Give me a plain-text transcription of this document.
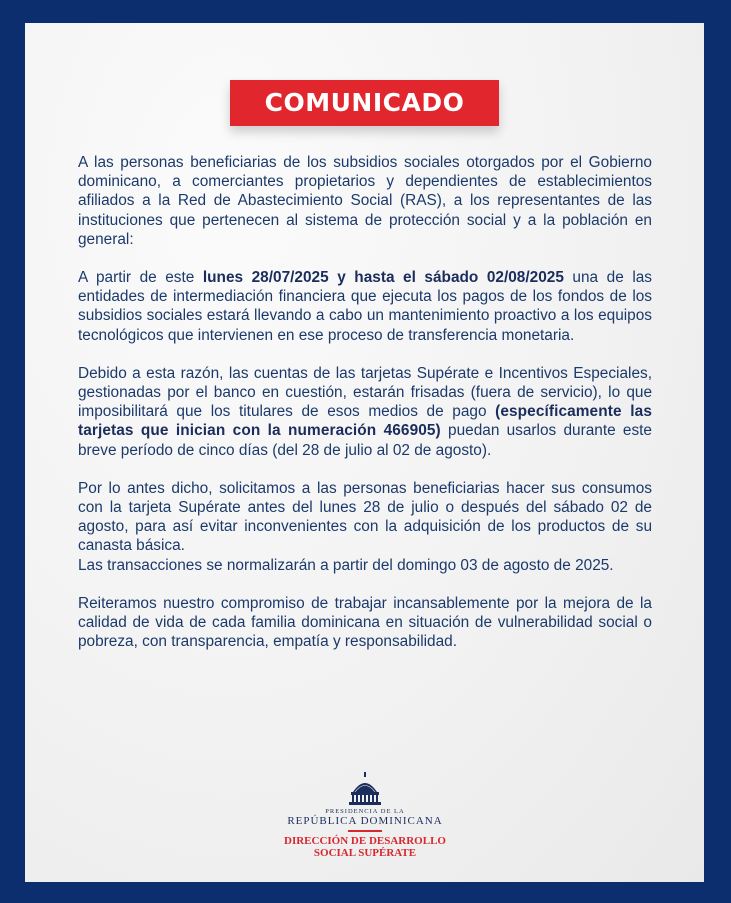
COMUNICADO

A las personas beneficiarias de los subsidios sociales otorgados por el Gobierno dominicano, a comerciantes propietarios y dependientes de establecimientos afiliados a la Red de Abastecimiento Social (RAS), a los representantes de las instituciones que pertenecen al sistema de protección social y a la población en general:

A partir de este lunes 28/07/2025 y hasta el sábado 02/08/2025 una de las entidades de intermediación financiera que ejecuta los pagos de los fondos de los subsidios sociales estará llevando a cabo un mantenimiento proactivo a los equipos tecnológicos que intervienen en ese proceso de transferencia monetaria.

Debido a esta razón, las cuentas de las tarjetas Supérate e Incentivos Especiales, gestionadas por el banco en cuestión, estarán frisadas (fuera de servicio), lo que imposibilitará que los titulares de esos medios de pago (específicamente las tarjetas que inician con la numeración 466905) puedan usarlos durante este breve período de cinco días (del 28 de julio al 02 de agosto).

Por lo antes dicho, solicitamos a las personas beneficiarias hacer sus consumos con la tarjeta Supérate antes del lunes 28 de julio o después del sábado 02 de agosto, para así evitar inconvenientes con la adquisición de los productos de su canasta básica.

Las transacciones se normalizarán a partir del domingo 03 de agosto de 2025.

Reiteramos nuestro compromiso de trabajar incansablemente por la mejora de la calidad de vida de cada familia dominicana en situación de vulnerabilidad social o pobreza, con transparencia, empatía y responsabilidad.

PRESIDENCIA DE LA
REPÚBLICA DOMINICANA
DIRECCIÓN DE DESARROLLO
SOCIAL SUPÉRATE
